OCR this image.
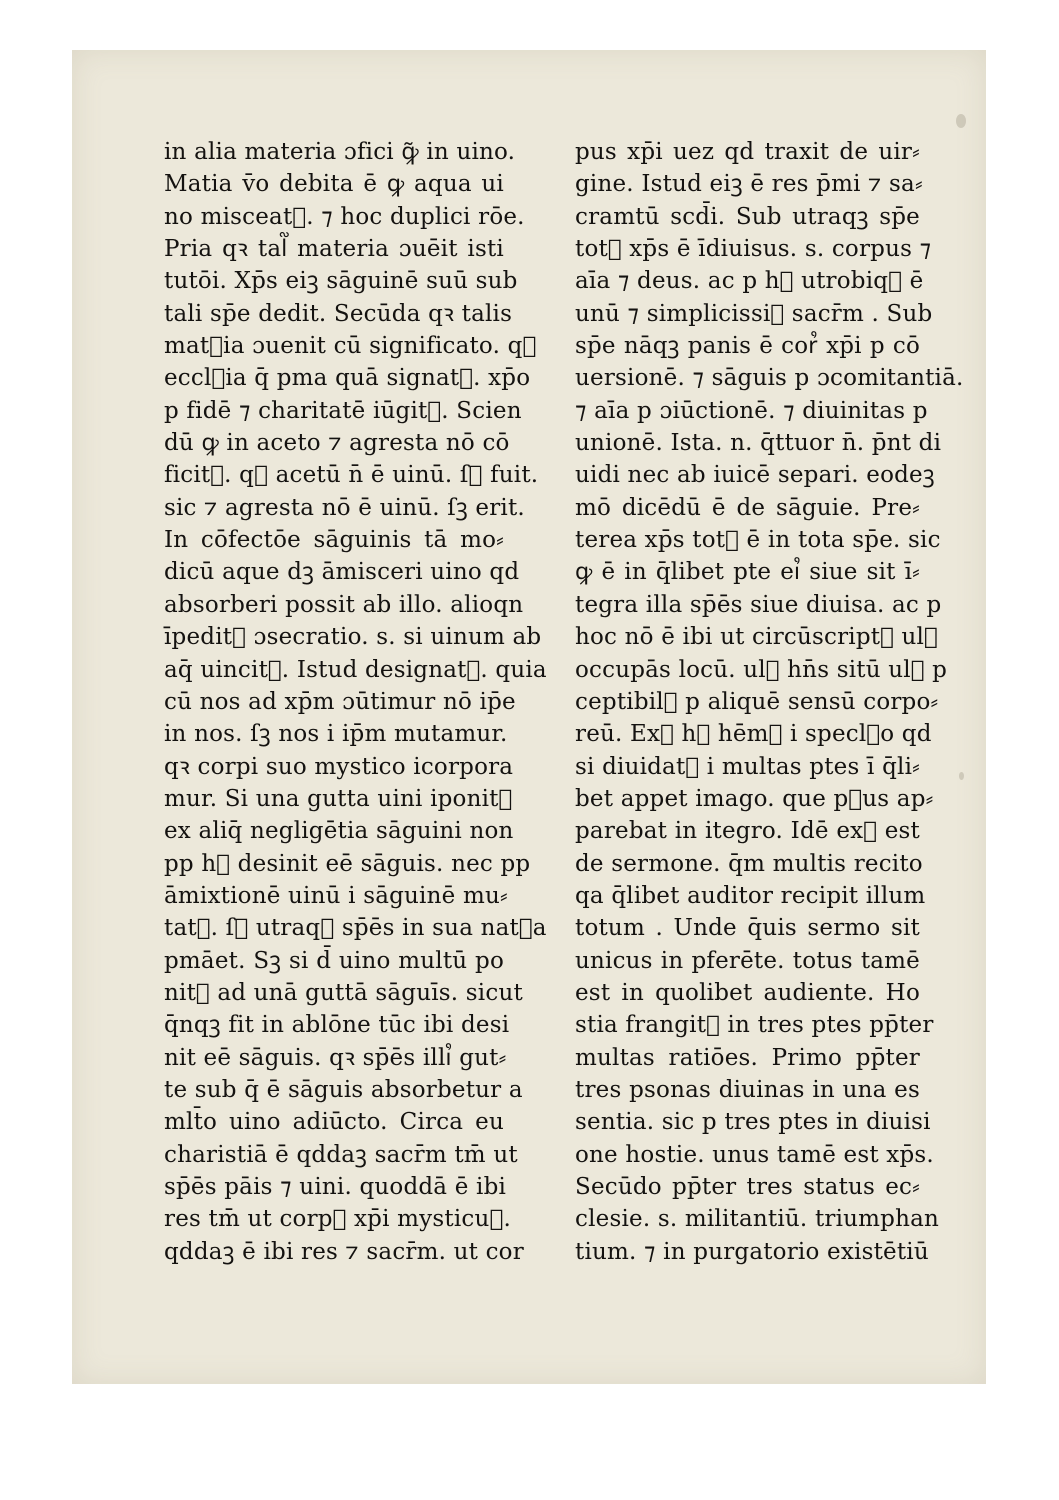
in alia materia ɔfici ꝙ̃ in uino.
Matia v̄o debita ē ꝙ aqua ui
no misceat᷑. ⁊ hoc duplici rōe.
Pria qꝛ tal᷑ materia ɔuēit isti
tutōi. Xp̄s eiꝫ sāguinē suū sub
tali sp̄e dedit. Secūda qꝛ talis
mat᷑ia ɔuenit cū significato. qꝛ
eccl᷑ia q̄ pma quā signat᷑. xp̄o
p fidē ⁊ charitatē iūgit᷑. Scien
dū ꝙ in aceto ⁊ agresta nō cō
ficit᷑. qꝛ acetū n̄ ē uinū. ſꝫ fuit.
sic ⁊ agresta nō ē uinū. ſꝫ erit.
In cōfectōe sāguinis tā mo⸗
dicū aque dꝫ āmisceri uino qd
absorberi possit ab illo. alioqn
īpedit᷑ ɔsecratio. s. si uinum ab
aq̄ uincit᷑. Istud designat᷑. quia
cū nos ad xp̄m ɔūtimur nō ip̄e
in nos. ſꝫ nos i ip̄m mutamur.
qꝛ corpi suo mystico icorpora
mur. Si una gutta uini iponit᷑
ex aliq̄ negligētia sāguini non
pp h᷒ desinit eē sāguis. nec pp
āmixtionē uinū i sāguinē mu⸗
tat᷑. ſꝫ utraqꝫ sp̄ēs in sua nat᷑a
pmāet. Sꝫ si d̄ uino multū po
nit᷑ ad unā guttā sāguīs. sicut
q̄nqꝫ fit in ablōne tūc ibi desi
nit eē sāguis. qꝛ sp̄ēs illi᷒ gut⸗
te sub q̄ ē sāguis absorbetur a
mlt̄o uino adiūcto. Circa eu
charistiā ē qddaꝫ sacr̄m tm̄ ut
sp̄ēs pāis ⁊ uini. quoddā ē ibi
res tm̄ ut corp᷒ xp̄i mysticuꝫ.
qddaꝫ ē ibi res ⁊ sacr̄m. ut cor
pus xp̄i uez qd traxit de uir⸗
gine. Istud eiꝫ ē res p̄mi ⁊ sa⸗
cramtū scd̄i. Sub utraqꝫ sp̄e
tot᷒ xp̄s ē īdiuisus. s. corpus ⁊
aīa ⁊ deus. ac p h᷒ utrobiqꝫ ē
unū ⁊ simplicissi᷒ sacr̄m . Sub
sp̄e nāqꝫ panis ē cor᷒ xp̄i p cō
uersionē. ⁊ sāguis p ɔcomitantiā.
⁊ aīa p ɔiūctionē. ⁊ diuinitas p
unionē. Ista. n. q̄ttuor n̄. p̄nt di
uidi nec ab iuicē separi. eodeꝫ
mō dicēdū ē de sāguie. Pre⸗
terea xp̄s tot᷒ ē in tota sp̄e. sic
ꝙ ē in q̄libet pte ei᷒ siue sit ī⸗
tegra illa sp̄ēs siue diuisa. ac p
hoc nō ē ibi ut circūscript᷒ ul᷑
occupās locū. ul᷑ hn̄s sitū ul᷑ p
ceptibil᷑ p aliquē sensū corpo⸗
reū. Ex᷒ h᷒ hēm᷒ i specl᷑o qd
si diuidat᷑ i multas ptes ī q̄li⸗
bet appet imago. que p᷒us ap⸗
parebat in itegro. Idē ex᷒ est
de sermone. q̄m multis recito
qa q̄libet auditor recipit illum
totum . Unde q̄uis sermo sit
unicus in pferēte. totus tamē
est in quolibet audiente. Ho
stia frangit᷑ in tres ptes pp̄ter
multas ratiōes. Primo pp̄ter
tres psonas diuinas in una es
sentia. sic p tres ptes in diuisi
one hostie. unus tamē est xp̄s.
Secūdo pp̄ter tres status ec⸗
clesie. s. militantiū. triumphan
tium. ⁊ in purgatorio existētiū
